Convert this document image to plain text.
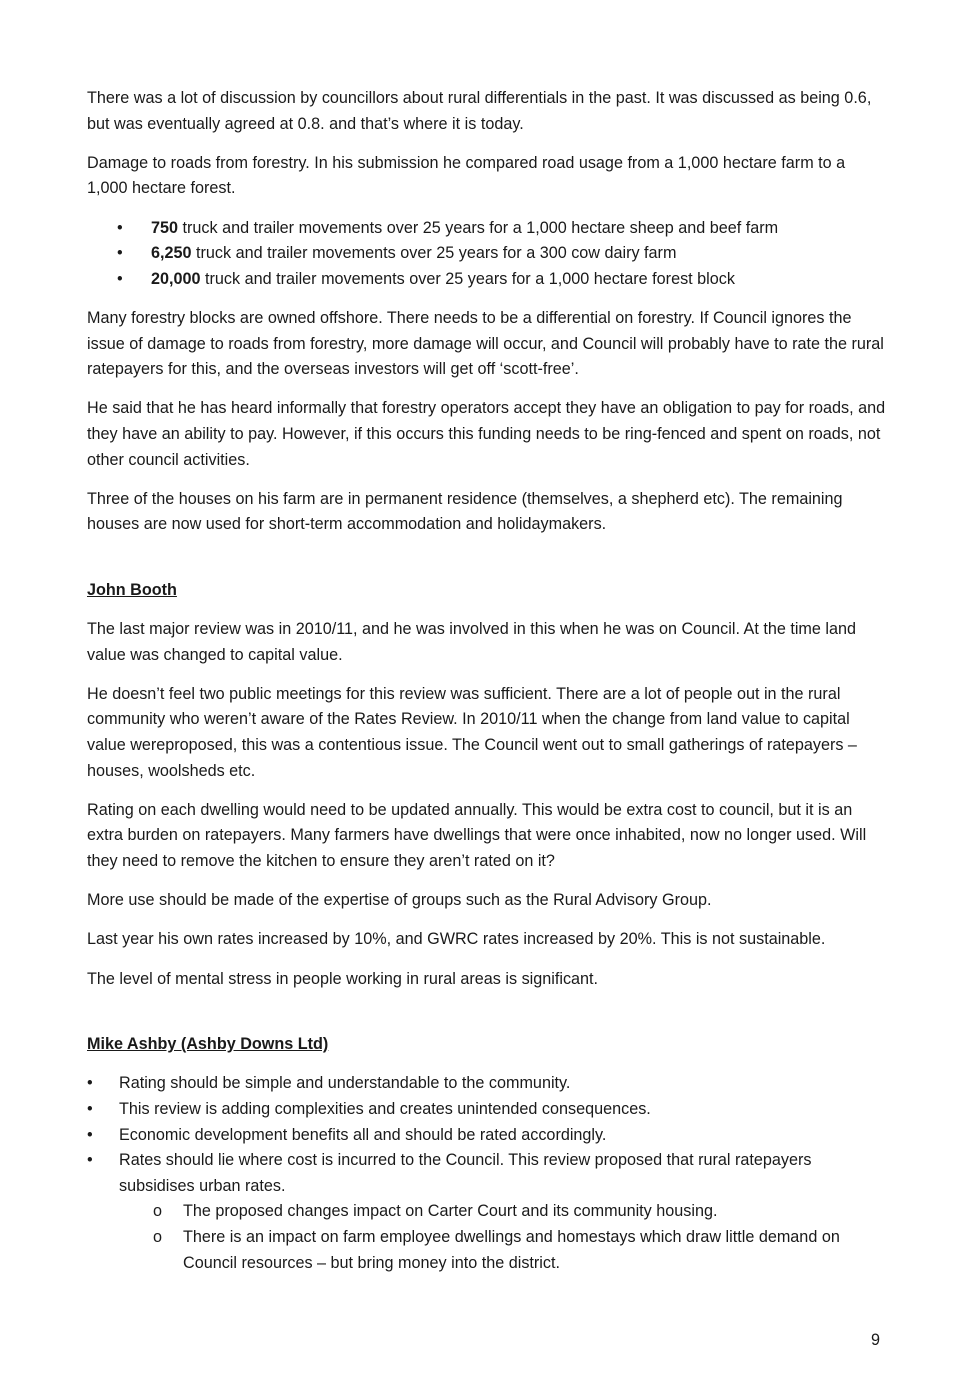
There was a lot of discussion by councillors about rural differentials in the past. It was discussed as being 0.6, but was eventually agreed at 0.8. and that’s where it is today.

Damage to roads from forestry. In his submission he compared road usage from a 1,000 hectare farm to a 1,000 hectare forest.

• 750 truck and trailer movements over 25 years for a 1,000 hectare sheep and beef farm
• 6,250 truck and trailer movements over 25 years for a 300 cow dairy farm
• 20,000 truck and trailer movements over 25 years for a 1,000 hectare forest block

Many forestry blocks are owned offshore. There needs to be a differential on forestry. If Council ignores the issue of damage to roads from forestry, more damage will occur, and Council will probably have to rate the rural ratepayers for this, and the overseas investors will get off ‘scott-free’.

He said that he has heard informally that forestry operators accept they have an obligation to pay for roads, and they have an ability to pay. However, if this occurs this funding needs to be ring-fenced and spent on roads, not other council activities.

Three of the houses on his farm are in permanent residence (themselves, a shepherd etc). The remaining houses are now used for short-term accommodation and holidaymakers.

John Booth

The last major review was in 2010/11, and he was involved in this when he was on Council. At the time land value was changed to capital value.

He doesn’t feel two public meetings for this review was sufficient. There are a lot of people out in the rural community who weren’t aware of the Rates Review. In 2010/11 when the change from land value to capital value wereproposed, this was a contentious issue. The Council went out to small gatherings of ratepayers – houses, woolsheds etc.

Rating on each dwelling would need to be updated annually. This would be extra cost to council, but it is an extra burden on ratepayers. Many farmers have dwellings that were once inhabited, now no longer used. Will they need to remove the kitchen to ensure they aren’t rated on it?

More use should be made of the expertise of groups such as the Rural Advisory Group.

Last year his own rates increased by 10%, and GWRC rates increased by 20%. This is not sustainable.

The level of mental stress in people working in rural areas is significant.

Mike Ashby (Ashby Downs Ltd)

• Rating should be simple and understandable to the community.
• This review is adding complexities and creates unintended consequences.
• Economic development benefits all and should be rated accordingly.
• Rates should lie where cost is incurred to the Council. This review proposed that rural ratepayers subsidises urban rates.
o The proposed changes impact on Carter Court and its community housing.
o There is an impact on farm employee dwellings and homestays which draw little demand on Council resources – but bring money into the district.
9
